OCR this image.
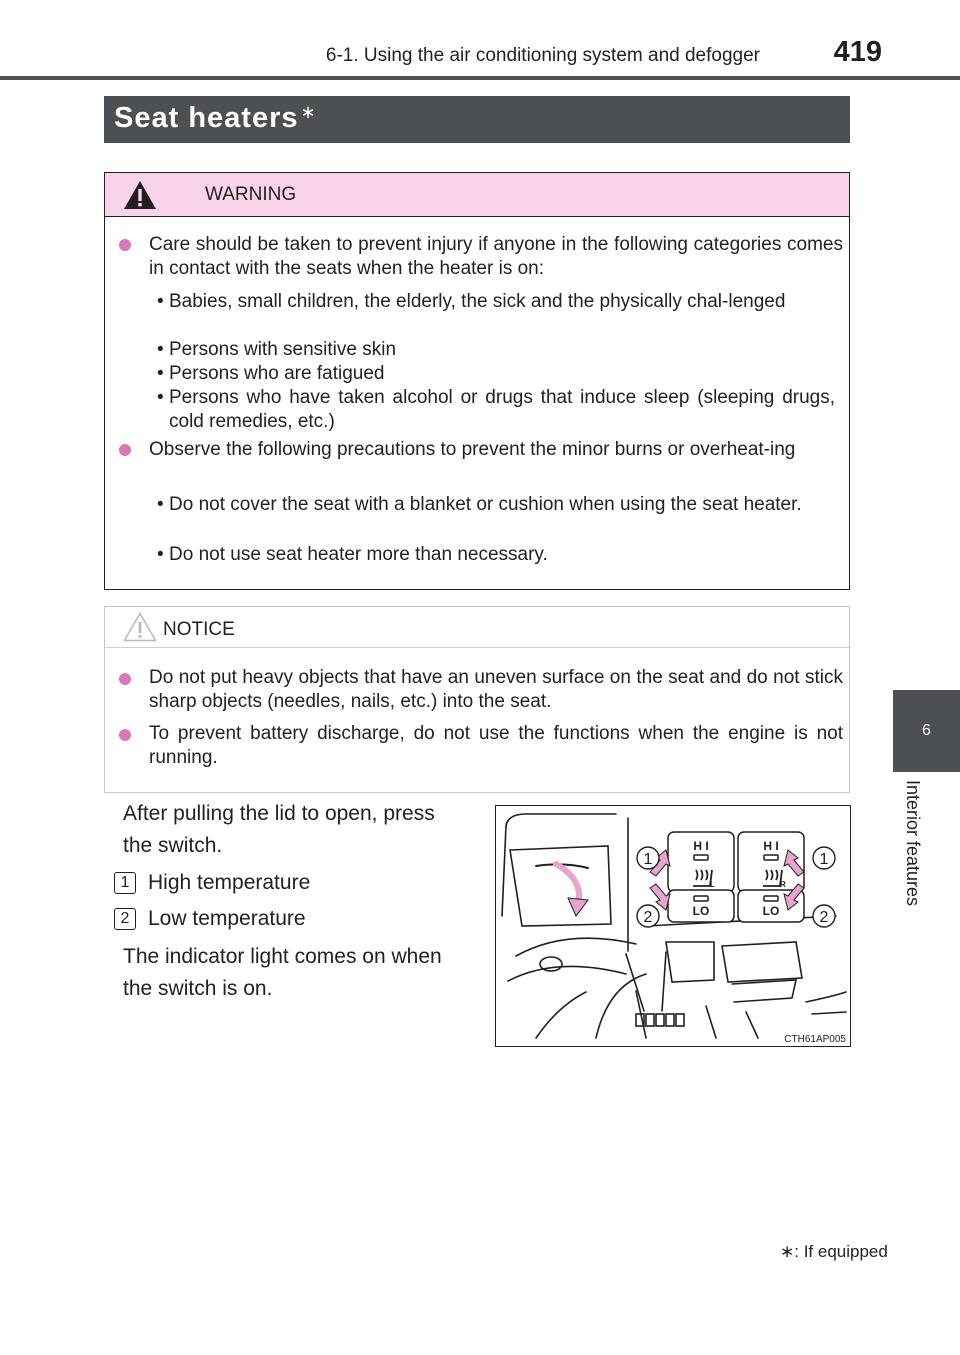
6-1. Using the air conditioning system and defogger	419
6
Interior features
Seat heaters ∗
WARNING
Care should be taken to prevent injury if anyone in the following categories comes in contact with the seats when the heater is on:
• Babies, small children, the elderly, the sick and the physically chal-lenged
• Persons with sensitive skin
• Persons who are fatigued
• Persons who have taken alcohol or drugs that induce sleep (sleeping drugs, cold remedies, etc.)
Observe the following precautions to prevent the minor burns or overheat-ing
• Do not cover the seat with a blanket or cushion when using the seat heater.
• Do not use seat heater more than necessary.
NOTICE
Do not put heavy objects that have an uneven surface on the seat and do not stick sharp objects (needles, nails, etc.) into the seat.
To prevent battery discharge, do not use the functions when the engine is not running.
After pulling the lid to open, press
the switch.
1 High temperature
2 Low temperature
The indicator light comes on when
the switch is on.
H I	H I
LO	LO
L	R
1
2
1
2
CTH61AP005
∗: If equipped
